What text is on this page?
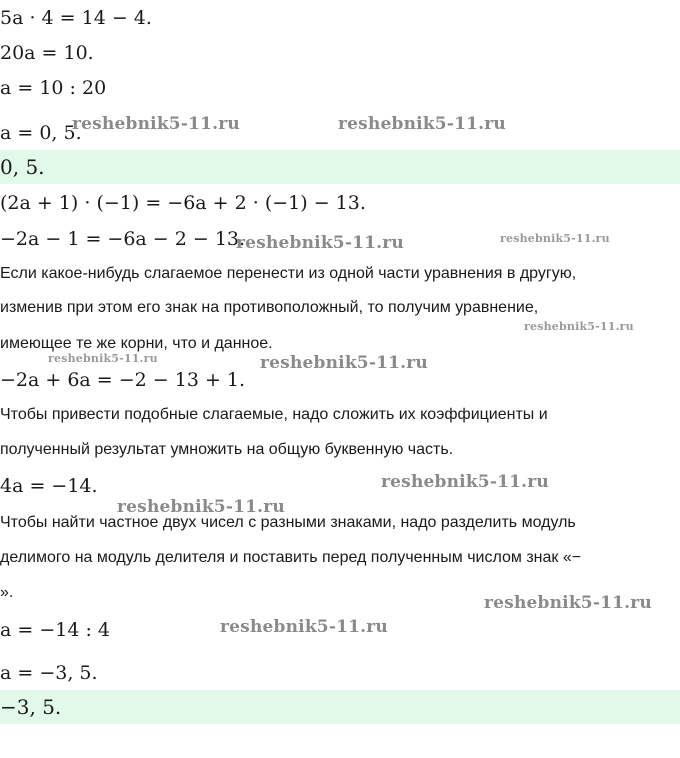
5a · 4 = 14 − 4.
20a = 10.
a = 10 : 20
a = 0, 5.
0, 5.
(2a + 1) · (−1) = −6a + 2 · (−1) − 13.
−2a − 1 = −6a − 2 − 13.
Если какое-нибудь слагаемое перенести из одной части уравнения в другую,
изменив при этом его знак на противоположный, то получим уравнение,
имеющее те же корни, что и данное.
−2a + 6a = −2 − 13 + 1.
Чтобы привести подобные слагаемые, надо сложить их коэффициенты и
полученный результат умножить на общую буквенную часть.
4a = −14.
Чтобы найти частное двух чисел с разными знаками, надо разделить модуль
делимого на модуль делителя и поставить перед полученным числом знак «−
».
a = −14 : 4
a = −3, 5.
−3, 5.
reshebnik5-11.ru	reshebnik5-11.ru
reshebnik5-11.ru	reshebnik5-11.ru
reshebnik5-11.ru
reshebnik5-11.ru	reshebnik5-11.ru
reshebnik5-11.ru
reshebnik5-11.ru
reshebnik5-11.ru
reshebnik5-11.ru
